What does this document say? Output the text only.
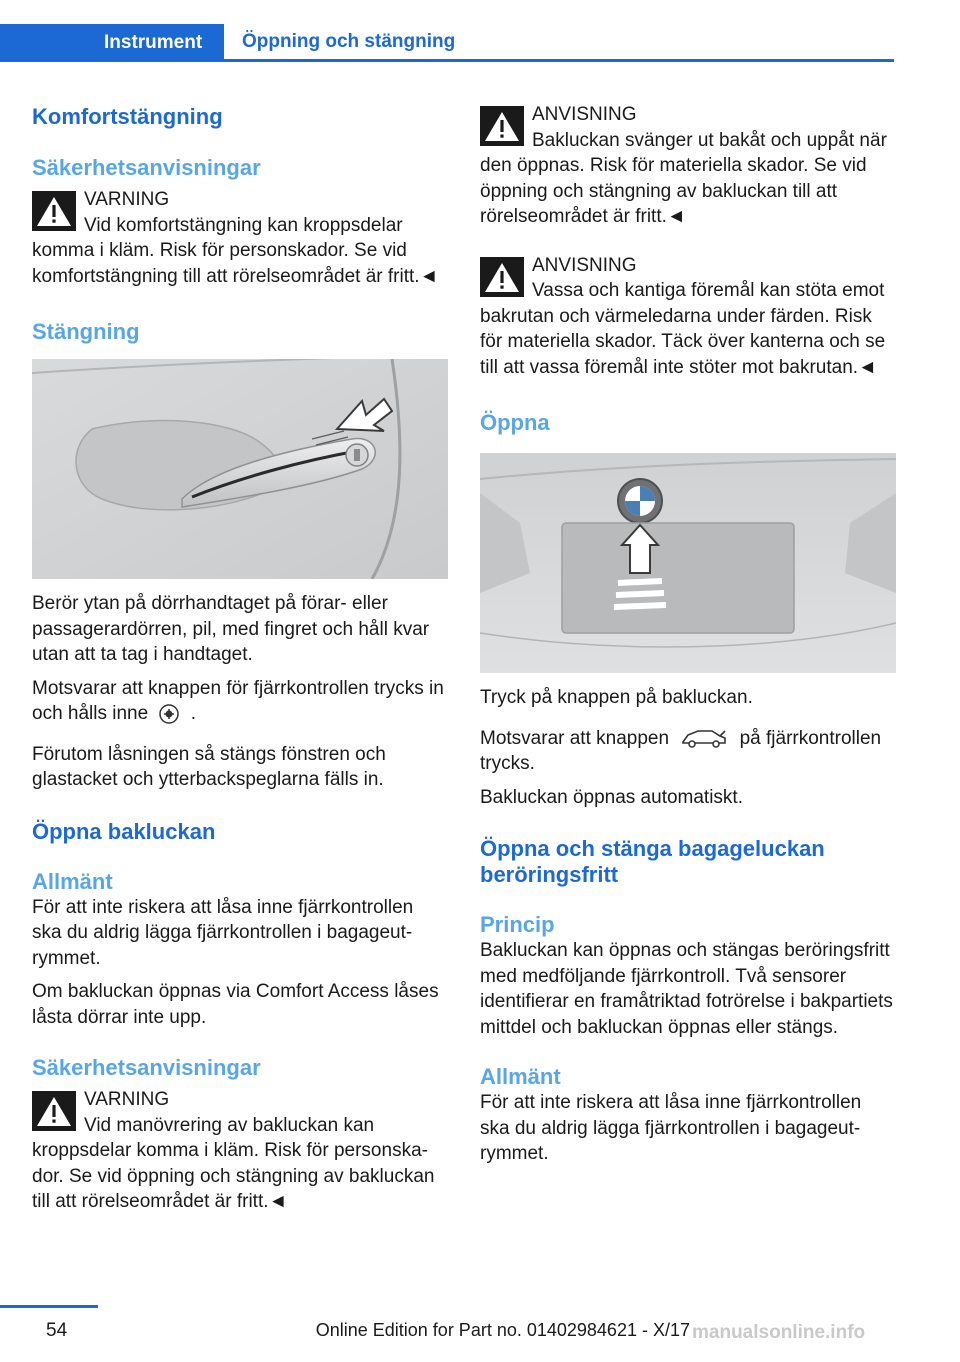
Instrument	Öppning och stängning
Komfortstängning
Säkerhetsanvisningar
VARNING
Vid komfortstängning kan kroppsdelar komma i kläm. Risk för personskador. Se vid komfortstängning till att rörelseområdet är fritt.◄
Stängning

Berör ytan på dörrhandtaget på förar- eller passagerardörren, pil, med fingret och håll kvar utan att ta tag i handtaget.

Motsvarar att knappen för fjärrkontrollen trycks in och hålls inne .

Förutom låsningen så stängs fönstren och glastacket och ytterbackspeglarna fälls in.

Öppna bakluckan
Allmänt

För att inte riskera att låsa inne fjärrkontrollen ska du aldrig lägga fjärrkontrollen i bagageutrymmet.

Om bakluckan öppnas via Comfort Access låses låsta dörrar inte upp.

Säkerhetsanvisningar
VARNING
Vid manövrering av bakluckan kan kroppsdelar komma i kläm. Risk för personskador. Se vid öppning och stängning av bakluckan till att rörelseområdet är fritt.◄
ANVISNING
Bakluckan svänger ut bakåt och uppåt när den öppnas. Risk för materiella skador. Se vid öppning och stängning av bakluckan till att rörelseområdet är fritt.◄
ANVISNING
Vassa och kantiga föremål kan stöta emot bakrutan och värmeledarna under färden. Risk för materiella skador. Täck över kanterna och se till att vassa föremål inte stöter mot bakrutan.◄
Öppna

Tryck på knappen på bakluckan.

Motsvarar att knappen	på fjärrkontrollen trycks.

Bakluckan öppnas automatiskt.

Öppna och stänga bagageluckan beröringsfritt
Princip

Bakluckan kan öppnas och stängas beröringsfritt med medföljande fjärrkontroll. Två sensorer identifierar en framåtriktad fotrörelse i bakpartiets mittdel och bakluckan öppnas eller stängs.

Allmänt

För att inte riskera att låsa inne fjärrkontrollen ska du aldrig lägga fjärrkontrollen i bagageutrymmet.

54	Online Edition for Part no. 01402984621 - X/17 manualsonline.info
